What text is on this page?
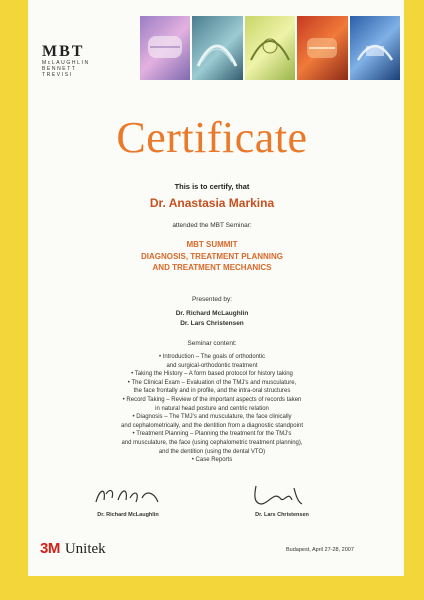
MBT
McLAUGHLIN
BENNETT
TREVISI
Certificate
This is to certify, that
Dr. Anastasia Markina
attended the MBT Seminar:
MBT SUMMIT
DIAGNOSIS, TREATMENT PLANNING
AND TREATMENT MECHANICS
Presented by:
Dr. Richard McLaughlin
Dr. Lars Christensen
Seminar content:
• Introduction – The goals of orthodontic
and surgical-orthodontic treatment
• Taking the History – A form based protocol for history taking
• The Clinical Exam – Evaluation of the TMJ's and musculature,
the face frontally and in profile, and the intra-oral structures
• Record Taking – Review of the important aspects of records taken
in natural head posture and centric relation
• Diagnosis – The TMJ's and musculature, the face clinically
and cephalometrically, and the dentition from a diagnostic standpoint
• Treatment Planning – Planning the treatment for the TMJ's
and musculature, the face (using cephalometric treatment planning),
and the dentition (using the dental VTO)
• Case Reports
Dr. Richard McLaughlin	Dr. Lars Christensen
3M Unitek	Budapest, April 27-28, 2007
